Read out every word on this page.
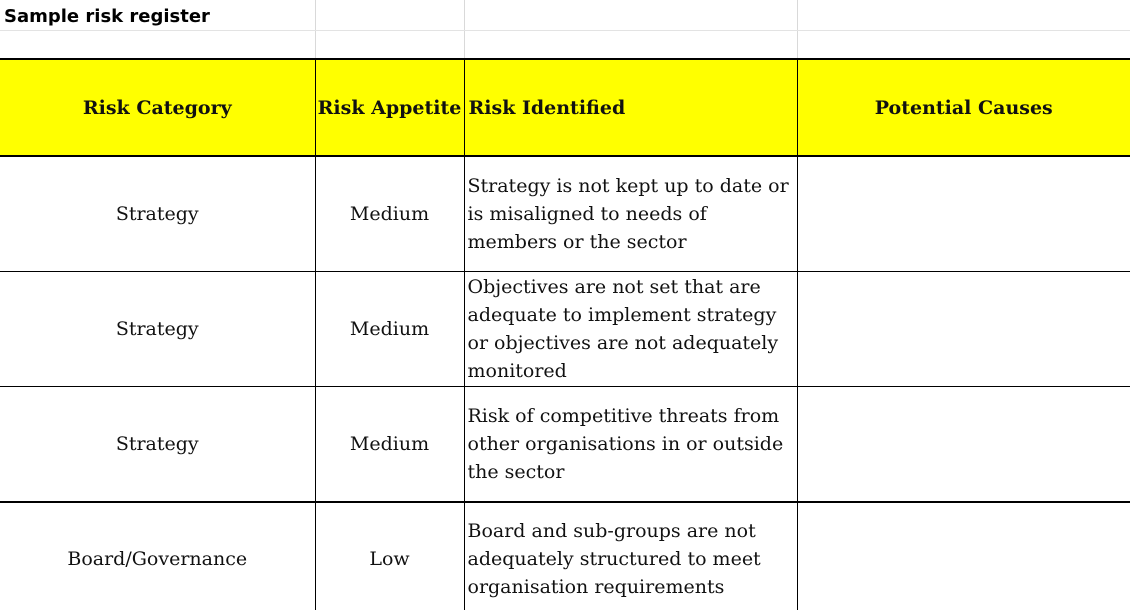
Sample risk register
Risk Category	Risk Appetite	Risk Identified	Potential Causes
Strategy	Medium	Strategy is not kept up to date or is misaligned to needs of members or the sector	
Strategy	Medium	Objectives are not set that are adequate to implement strategy or objectives are not adequately monitored	
Strategy	Medium	Risk of competitive threats from other organisations in or outside the sector	
Board/Governance	Low	Board and sub-groups are not adequately structured to meet organisation requirements	
